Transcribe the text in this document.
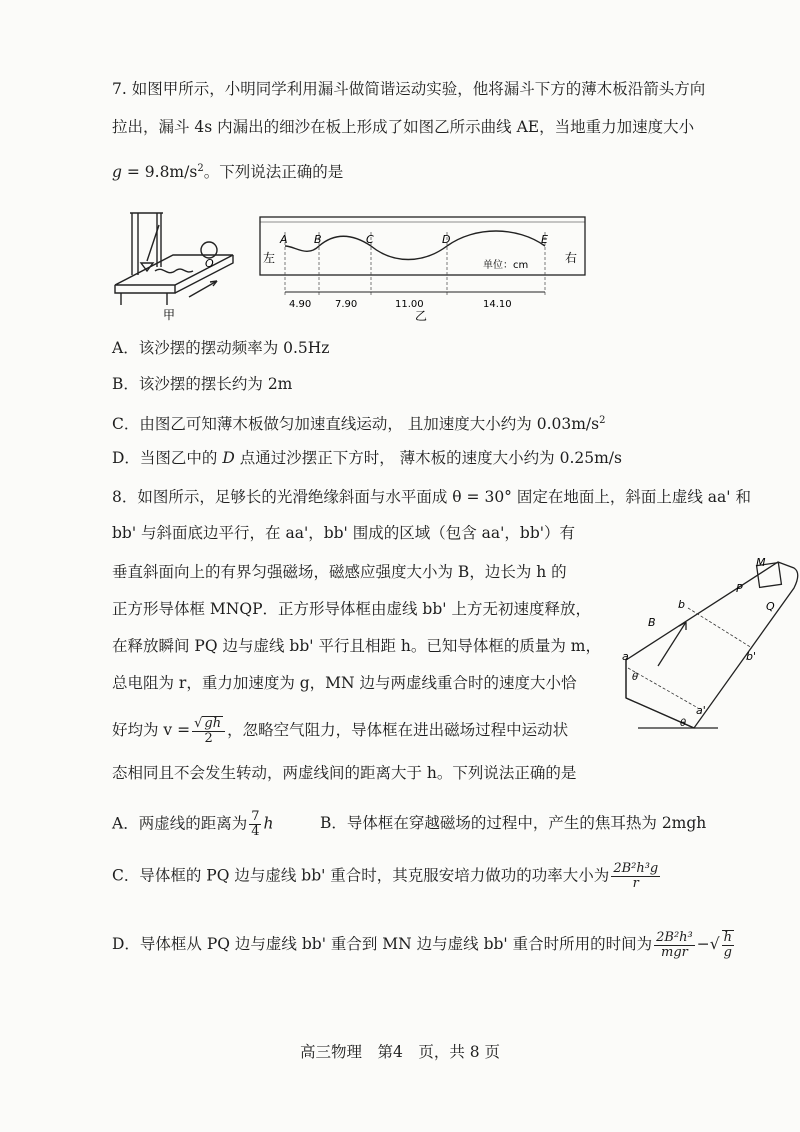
7. 如图甲所示，小明同学利用漏斗做简谐运动实验，他将漏斗下方的薄木板沿箭头方向
拉出，漏斗 4s 内漏出的细沙在板上形成了如图乙所示曲线 AE，当地重力加速度大小
$g = 9.8m/s^2$。下列说法正确的是
O
甲
A B	C	D	E
左	右
单位：cm
4.90 7.90	11.00	14.10
乙
A．该沙摆的摆动频率为 0.5Hz
B．该沙摆的摆长约为 2m
C．由图乙可知薄木板做匀加速直线运动， 且加速度大小约为 $0.03m/s^2$
D．当图乙中的 D 点通过沙摆正下方时， 薄木板的速度大小约为 0.25m/s
8．如图所示，足够长的光滑绝缘斜面与水平面成 θ = 30° 固定在地面上，斜面上虚线 aa' 和
bb' 与斜面底边平行，在 aa'，bb' 围成的区域（包含 aa'，bb'）有
垂直斜面向上的有界匀强磁场，磁感应强度大小为 B，边长为 h 的
正方形导体框 MNQP．正方形导体框由虚线 bb' 上方无初速度释放，
在释放瞬间 PQ 边与虚线 bb' 平行且相距 h。已知导体框的质量为 m，
总电阻为 r，重力加速度为 g，MN 边与两虚线重合时的速度大小恰
好均为 $v = \frac{√ gh}{2}$ ，忽略空气阻力，导体框在进出磁场过程中运动状
态相同且不会发生转动，两虚线间的距离大于 h。下列说法正确的是
M
P
Q
b
B
a
θ
b'
θ
a'
A．两虚线的距离为 $\frac{7}{4}$ h	B．导体框在穿越磁场的过程中，产生的焦耳热为 2mgh
C．导体框的 PQ 边与虚线 bb' 重合时，其克服安培力做功的功率大小为 $\frac{\text{2B²h³g}}{r}$
D．导体框从 PQ 边与虚线 bb' 重合到 MN 边与虚线 bb' 重合时所用的时间为 $\frac{\text{2B²h³}}{\text{mgr}}$ −√ $\frac{h}{g}$
高三物理　第4　页，共 8 页
